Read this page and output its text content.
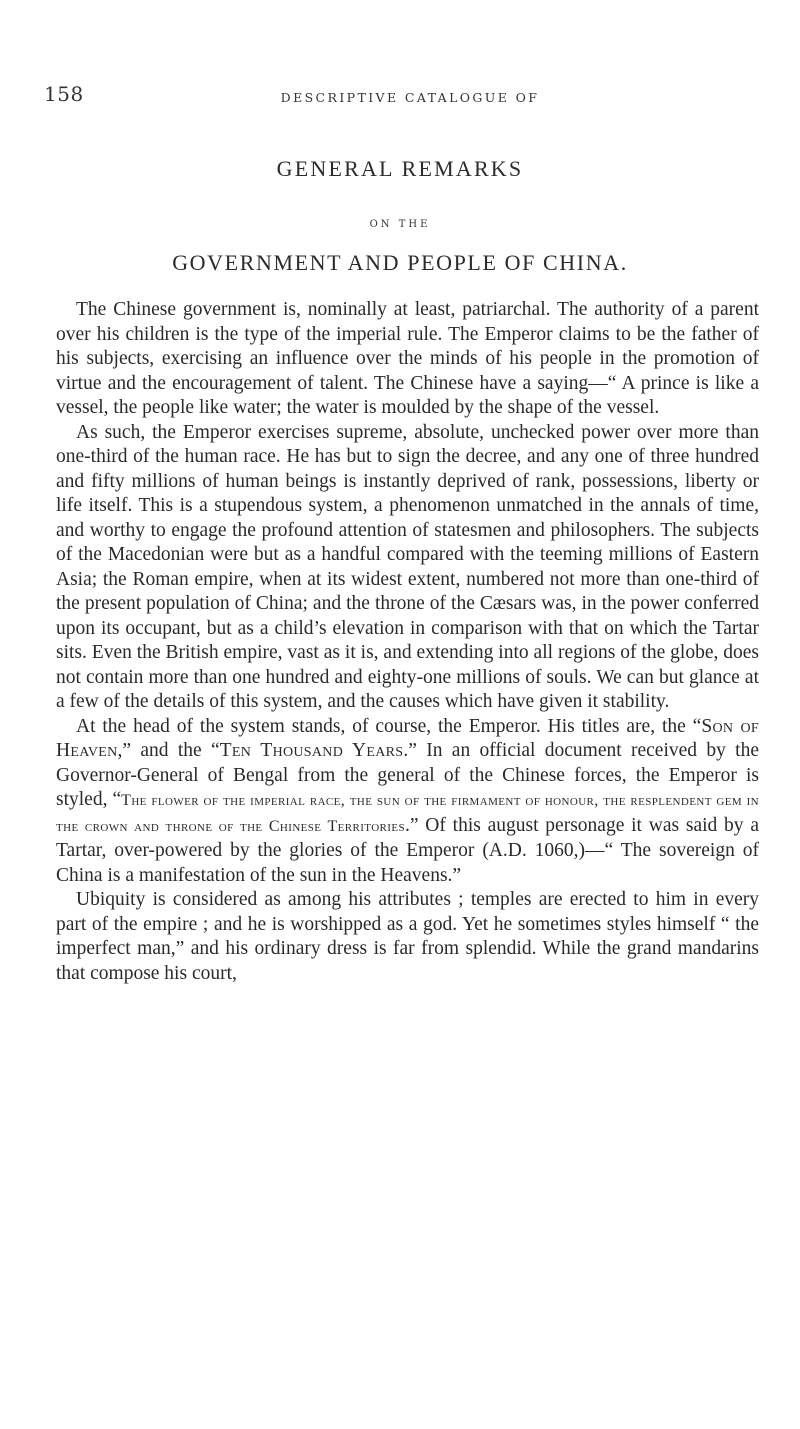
158	DESCRIPTIVE CATALOGUE OF
GENERAL REMARKS
ON THE
GOVERNMENT AND PEOPLE OF CHINA.

The Chinese government is, nominally at least, patriarchal. The authority of a parent over his children is the type of the imperial rule. The Emperor claims to be the father of his subjects, exercising an influence over the minds of his people in the promotion of virtue and the encouragement of talent. The Chinese have a saying—“ A prince is like a vessel, the people like water; the water is moulded by the shape of the vessel.

As such, the Emperor exercises supreme, absolute, unchecked power over more than one-third of the human race. He has but to sign the decree, and any one of three hundred and fifty millions of human beings is instantly deprived of rank, possessions, liberty or life itself. This is a stupendous system, a phenomenon unmatched in the annals of time, and worthy to engage the profound attention of statesmen and philosophers. The subjects of the Macedonian were but as a handful compared with the teeming millions of Eastern Asia; the Roman empire, when at its widest extent, numbered not more than one-third of the present population of China; and the throne of the Cæsars was, in the power conferred upon its occupant, but as a child’s elevation in comparison with that on which the Tartar sits. Even the British empire, vast as it is, and extending into all regions of the globe, does not contain more than one hundred and eighty-one millions of souls. We can but glance at a few of the details of this system, and the causes which have given it stability.

At the head of the system stands, of course, the Emperor. His titles are, the “Son of Heaven,” and the “Ten Thousand Years.” In an official document received by the Governor-General of Bengal from the general of the Chinese forces, the Emperor is styled, “The flower of the imperial race, the sun of the firmament of honour, the resplendent gem in the crown and throne of the Chinese Territories.” Of this august personage it was said by a Tartar, over-powered by the glories of the Emperor (A.D. 1060,)—“ The sovereign of China is a manifestation of the sun in the Heavens.”

Ubiquity is considered as among his attributes ; temples are erected to him in every part of the empire ; and he is worshipped as a god. Yet he sometimes styles himself “ the imperfect man,” and his ordinary dress is far from splendid. While the grand mandarins that compose his court,
